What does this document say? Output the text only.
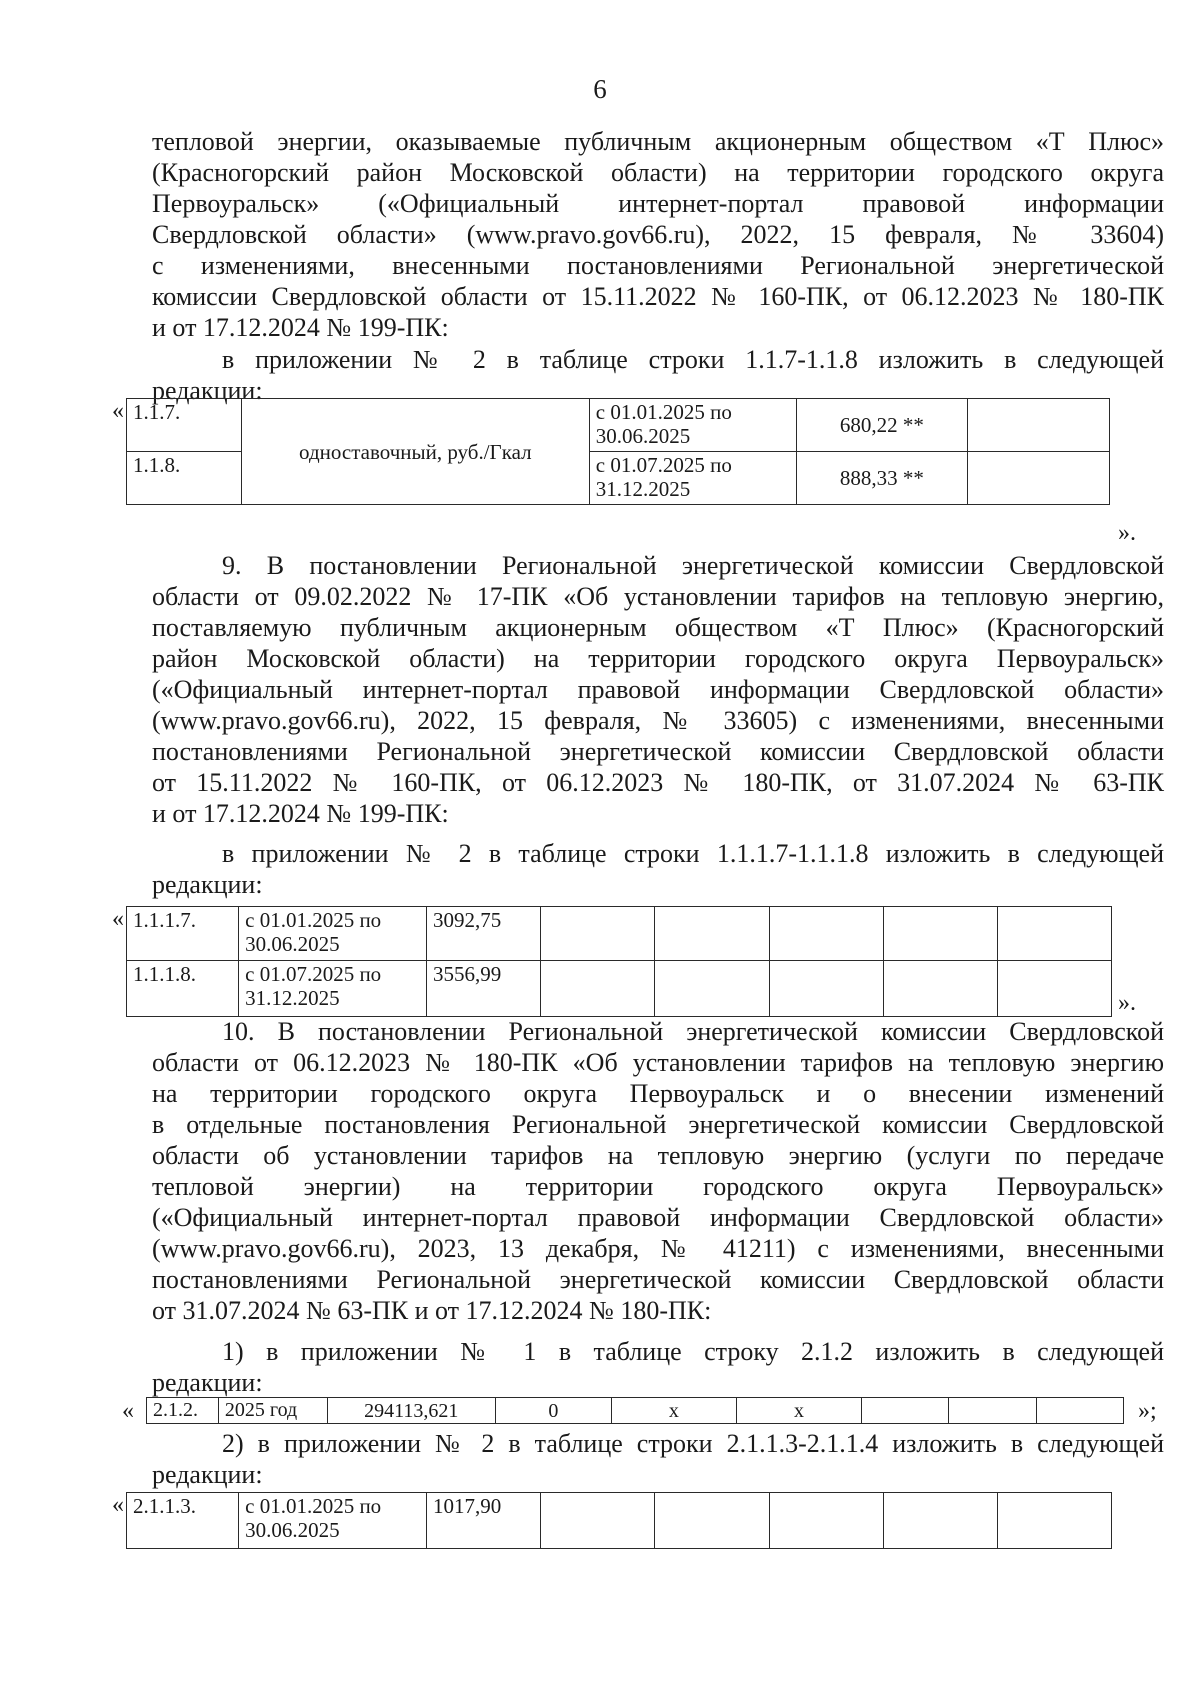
6
тепловой энергии, оказываемые публичным акционерным обществом «Т Плюс»
(Красногорский район Московской области) на территории городского округа
Первоуральск» («Официальный интернет-портал правовой информации
Свердловской области» (www.pravo.gov66.ru), 2022, 15 февраля, № 33604)
с изменениями, внесенными постановлениями Региональной энергетической
комиссии Свердловской области от 15.11.2022 № 160-ПК, от 06.12.2023 № 180-ПК
и от 17.12.2024 № 199-ПК:
в приложении № 2 в таблице строки 1.1.7-1.1.8 изложить в следующей
редакции:
« 1.1.7.	одноставочный, руб./Гкал	с 01.01.2025 по 30.06.2025	680,22 **	
1.1.8.		с 01.07.2025 по 31.12.2025	888,33 **	
».
9. В постановлении Региональной энергетической комиссии Свердловской
области от 09.02.2022 № 17-ПК «Об установлении тарифов на тепловую энергию,
поставляемую публичным акционерным обществом «Т Плюс» (Красногорский
район Московской области) на территории городского округа Первоуральск»
(«Официальный интернет-портал правовой информации Свердловской области»
(www.pravo.gov66.ru), 2022, 15 февраля, № 33605) с изменениями, внесенными
постановлениями Региональной энергетической комиссии Свердловской области
от 15.11.2022 № 160-ПК, от 06.12.2023 № 180-ПК, от 31.07.2024 № 63-ПК
и от 17.12.2024 № 199-ПК:
в приложении № 2 в таблице строки 1.1.1.7-1.1.1.8 изложить в следующей
редакции:
« 1.1.1.7.	с 01.01.2025 по 30.06.2025	3092,75					
1.1.1.8.	с 01.07.2025 по 31.12.2025	3556,99					
».
10. В постановлении Региональной энергетической комиссии Свердловской
области от 06.12.2023 № 180-ПК «Об установлении тарифов на тепловую энергию
на территории городского округа Первоуральск и о внесении изменений
в отдельные постановления Региональной энергетической комиссии Свердловской
области об установлении тарифов на тепловую энергию (услуги по передаче
тепловой энергии) на территории городского округа Первоуральск»
(«Официальный интернет-портал правовой информации Свердловской области»
(www.pravo.gov66.ru), 2023, 13 декабря, № 41211) с изменениями, внесенными
постановлениями Региональной энергетической комиссии Свердловской области
от 31.07.2024 № 63-ПК и от 17.12.2024 № 180-ПК:
1) в приложении № 1 в таблице строку 2.1.2 изложить в следующей
редакции:
« 2.1.2.	2025 год	294113,621	0	х	х				»;
2) в приложении № 2 в таблице строки 2.1.1.3-2.1.1.4 изложить в следующей
редакции:
« 2.1.1.3.	с 01.01.2025 по 30.06.2025	1017,90					
